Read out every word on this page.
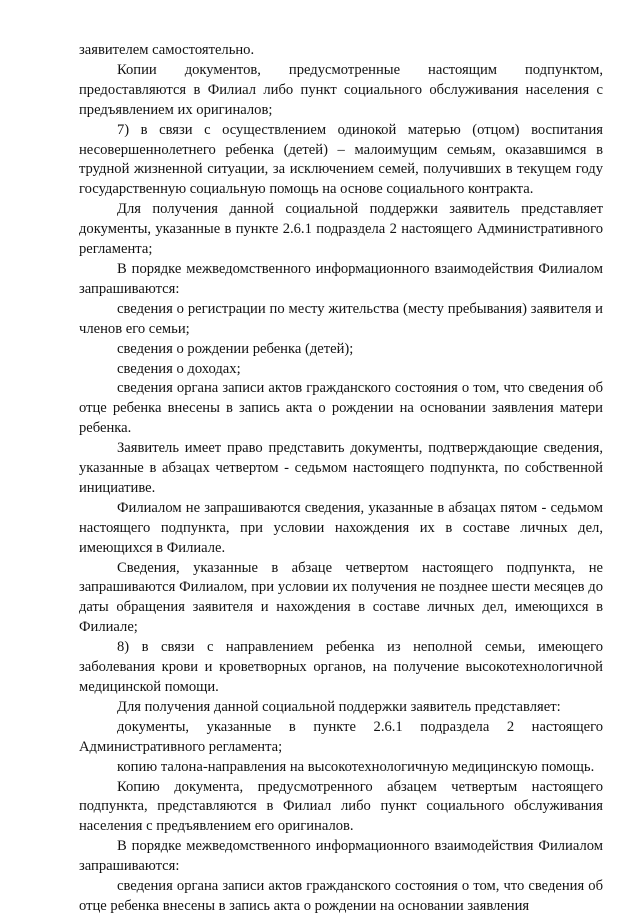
заявителем самостоятельно.

Копии документов, предусмотренные настоящим подпунктом, предоставляются в Филиал либо пункт социального обслуживания населения с предъявлением их оригиналов;

7) в связи с осуществлением одинокой матерью (отцом) воспитания несовершеннолетнего ребенка (детей) – малоимущим семьям, оказавшимся в трудной жизненной ситуации, за исключением семей, получивших в текущем году государственную социальную помощь на основе социального контракта.

Для получения данной социальной поддержки заявитель представляет документы, указанные в пункте 2.6.1 подраздела 2 настоящего Административного регламента;

В порядке межведомственного информационного взаимодействия Филиалом запрашиваются:

сведения о регистрации по месту жительства (месту пребывания) заявителя и членов его семьи;

сведения о рождении ребенка (детей);

сведения о доходах;

сведения органа записи актов гражданского состояния о том, что сведения об отце ребенка внесены в запись акта о рождении на основании заявления матери ребенка.

Заявитель имеет право представить документы, подтверждающие сведения, указанные в абзацах четвертом - седьмом настоящего подпункта, по собственной инициативе.

Филиалом не запрашиваются сведения, указанные в абзацах пятом - седьмом настоящего подпункта, при условии нахождения их в составе личных дел, имеющихся в Филиале.

Сведения, указанные в абзаце четвертом настоящего подпункта, не запрашиваются Филиалом, при условии их получения не позднее шести месяцев до даты обращения заявителя и нахождения в составе личных дел, имеющихся в Филиале;

8) в связи с направлением ребенка из неполной семьи, имеющего заболевания крови и кроветворных органов, на получение высокотехнологичной медицинской помощи.

Для получения данной социальной поддержки заявитель представляет:

документы, указанные в пункте 2.6.1 подраздела 2 настоящего Административного регламента;

копию талона-направления на высокотехнологичную медицинскую помощь.

Копию документа, предусмотренного абзацем четвертым настоящего подпункта, представляются в Филиал либо пункт социального обслуживания населения с предъявлением его оригиналов.

В порядке межведомственного информационного взаимодействия Филиалом запрашиваются:

сведения органа записи актов гражданского состояния о том, что сведения об отце ребенка внесены в запись акта о рождении на основании заявления
